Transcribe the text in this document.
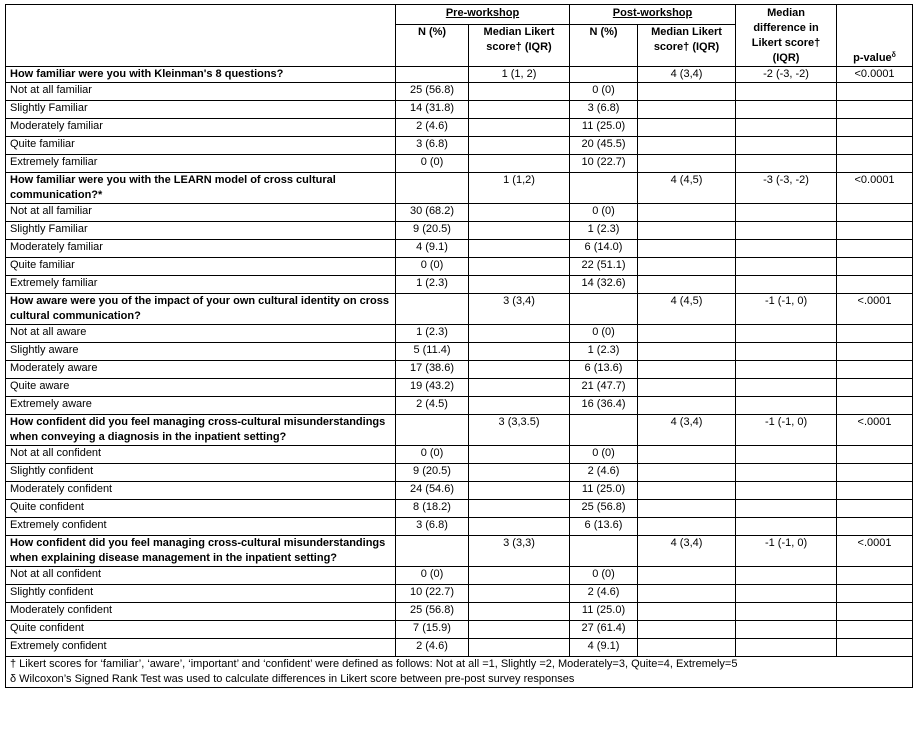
	Pre-workshop		Post-workshop		Median difference in Likert score† (IQR)	p-value$^\delta$
	N (%)	Median Likert score† (IQR)	N (%)	Median Likert score† (IQR)		
How familiar were you with Kleinman's 8 questions?		1 (1, 2)		4 (3,4)	-2 (-3, -2)	<0.0001
Not at all familiar	25 (56.8)		0 (0)			
Slightly Familiar	14 (31.8)		3 (6.8)			
Moderately familiar	2 (4.6)		11 (25.0)			
Quite familiar	3 (6.8)		20 (45.5)			
Extremely familiar	0 (0)		10 (22.7)			
How familiar were you with the LEARN model of cross cultural communication?*		1 (1,2)		4 (4,5)	-3 (-3, -2)	<0.0001
Not at all familiar	30 (68.2)		0 (0)			
Slightly Familiar	9 (20.5)		1 (2.3)			
Moderately familiar	4 (9.1)		6 (14.0)			
Quite familiar	0 (0)		22 (51.1)			
Extremely familiar	1 (2.3)		14 (32.6)			
How aware were you of the impact of your own cultural identity on cross cultural communication?		3 (3,4)		4 (4,5)	-1 (-1, 0)	<.0001
Not at all aware	1 (2.3)		0 (0)			
Slightly aware	5 (11.4)		1 (2.3)			
Moderately aware	17 (38.6)		6 (13.6)			
Quite aware	19 (43.2)		21 (47.7)			
Extremely aware	2 (4.5)		16 (36.4)			
How confident did you feel managing cross-cultural misunderstandings when conveying a diagnosis in the inpatient setting?		3 (3,3.5)		4 (3,4)	-1 (-1, 0)	<.0001
Not at all confident	0 (0)		0 (0)			
Slightly confident	9 (20.5)		2 (4.6)			
Moderately confident	24 (54.6)		11 (25.0)			
Quite confident	8 (18.2)		25 (56.8)			
Extremely confident	3 (6.8)		6 (13.6)			
How confident did you feel managing cross-cultural misunderstandings when explaining disease management in the inpatient setting?		3 (3,3)		4 (3,4)	-1 (-1, 0)	<.0001
Not at all confident	0 (0)		0 (0)			
Slightly confident	10 (22.7)		2 (4.6)			
Moderately confident	25 (56.8)		11 (25.0)			
Quite confident	7 (15.9)		27 (61.4)			
Extremely confident	2 (4.6)		4 (9.1)			

† Likert scores for ‘familiar’, ‘aware’, ‘important’ and ‘confident’ were defined as follows: Not at all =1, Slightly =2, Moderately=3, Quite=4, Extremely=5
δ Wilcoxon’s Signed Rank Test was used to calculate differences in Likert score between pre-post survey responses						
